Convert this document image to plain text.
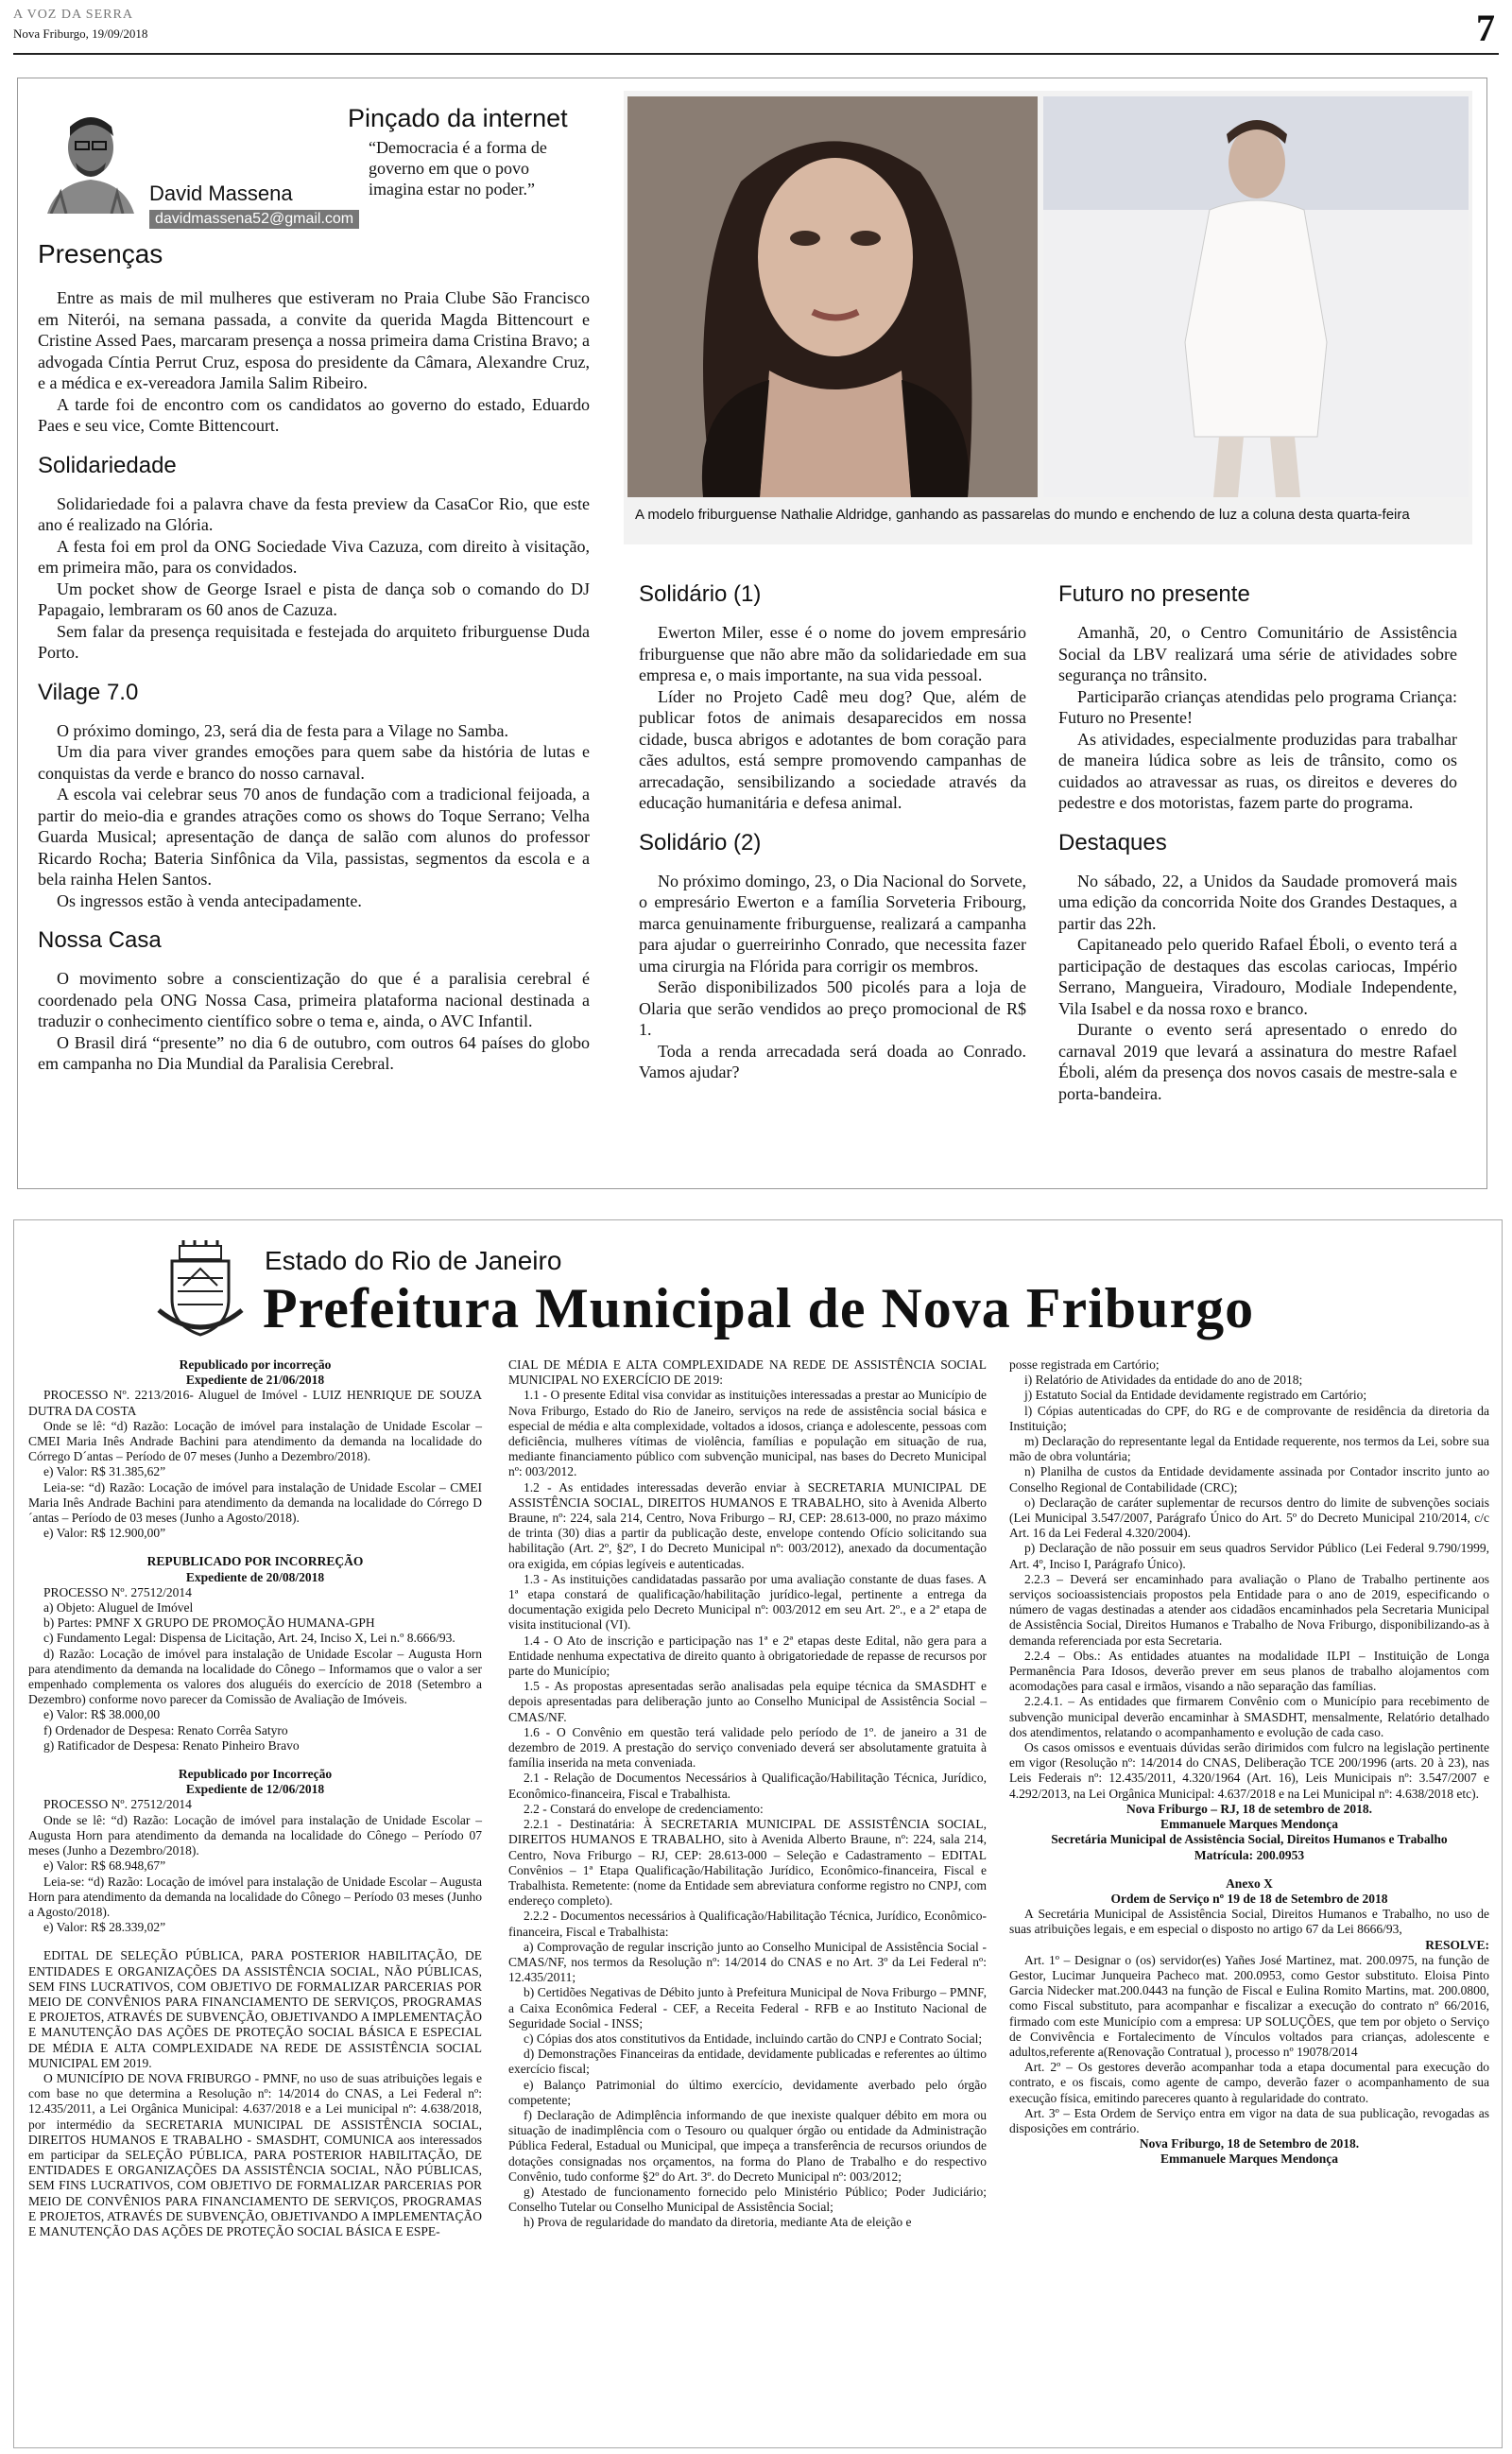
A VOZ DA SERRA
Nova Friburgo, 19/09/2018	7
David Massena
davidmassena52@gmail.com
Pinçado da internet
“Democracia é a forma de governo em que o povo imagina estar no poder.”
Presenças

Entre as mais de mil mulheres que estiveram no Praia Clube São Francisco em Niterói, na semana passada, a convite da querida Magda Bittencourt e Cristine Assed Paes, marcaram presença a nossa primeira dama Cristina Bravo; a advogada Cíntia Perrut Cruz, esposa do presidente da Câmara, Alexandre Cruz, e a médica e ex-vereadora Jamila Salim Ribeiro.

A tarde foi de encontro com os candidatos ao governo do estado, Eduardo Paes e seu vice, Comte Bittencourt.

Solidariedade

Solidariedade foi a palavra chave da festa preview da CasaCor Rio, que este ano é realizado na Glória.

A festa foi em prol da ONG Sociedade Viva Cazuza, com direito à visitação, em primeira mão, para os convidados.

Um pocket show de George Israel e pista de dança sob o comando do DJ Papagaio, lembraram os 60 anos de Cazuza.

Sem falar da presença requisitada e festejada do arquiteto friburguense Duda Porto.

Vilage 7.0

O próximo domingo, 23, será dia de festa para a Vilage no Samba.

Um dia para viver grandes emoções para quem sabe da história de lutas e conquistas da verde e branco do nosso carnaval.

A escola vai celebrar seus 70 anos de fundação com a tradicional feijoada, a partir do meio-dia e grandes atrações como os shows do Toque Serrano; Velha Guarda Musical; apresentação de dança de salão com alunos do professor Ricardo Rocha; Bateria Sinfônica da Vila, passistas, segmentos da escola e a bela rainha Helen Santos.

Os ingressos estão à venda antecipadamente.

Nossa Casa

O movimento sobre a conscientização do que é a paralisia cerebral é coordenado pela ONG Nossa Casa, primeira plataforma nacional destinada a traduzir o conhecimento científico sobre o tema e, ainda, o AVC Infantil.

O Brasil dirá “presente” no dia 6 de outubro, com outros 64 países do globo em campanha no Dia Mundial da Paralisia Cerebral.

A modelo friburguense Nathalie Aldridge, ganhando as passarelas do mundo e enchendo de luz a coluna desta quarta-feira
Solidário (1)

Ewerton Miler, esse é o nome do jovem empresário friburguense que não abre mão da solidariedade em sua empresa e, o mais importante, na sua vida pessoal.

Líder no Projeto Cadê meu dog? Que, além de publicar fotos de animais desaparecidos em nossa cidade, busca abrigos e adotantes de bom coração para cães adultos, está sempre promovendo campanhas de arrecadação, sensibilizando a sociedade através da educação humanitária e defesa animal.

Solidário (2)

No próximo domingo, 23, o Dia Nacional do Sorvete, o empresário Ewerton e a família Sorveteria Fribourg, marca genuinamente friburguense, realizará a campanha para ajudar o guerreirinho Conrado, que necessita fazer uma cirurgia na Flórida para corrigir os membros.

Serão disponibilizados 500 picolés para a loja de Olaria que serão vendidos ao preço promocional de R$ 1.

Toda a renda arrecadada será doada ao Conrado. Vamos ajudar?

Futuro no presente

Amanhã, 20, o Centro Comunitário de Assistência Social da LBV realizará uma série de atividades sobre segurança no trânsito.

Participarão crianças atendidas pelo programa Criança: Futuro no Presente!

As atividades, especialmente produzidas para trabalhar de maneira lúdica sobre as leis de trânsito, como os cuidados ao atravessar as ruas, os direitos e deveres do pedestre e dos motoristas, fazem parte do programa.

Destaques

No sábado, 22, a Unidos da Saudade promoverá mais uma edição da concorrida Noite dos Grandes Destaques, a partir das 22h.

Capitaneado pelo querido Rafael Éboli, o evento terá a participação de destaques das escolas cariocas, Império Serrano, Mangueira, Viradouro, Modiale Independente, Vila Isabel e da nossa roxo e branco.

Durante o evento será apresentado o enredo do carnaval 2019 que levará a assinatura do mestre Rafael Éboli, além da presença dos novos casais de mestre-sala e porta-bandeira.

Estado do Rio de Janeiro
Prefeitura Municipal de Nova Friburgo

Republicado por incorreção

Expediente de 21/06/2018

PROCESSO Nº. 2213/2016- Aluguel de Imóvel - LUIZ HENRIQUE DE SOUZA DUTRA DA COSTA

Onde se lê: “d) Razão: Locação de imóvel para instalação de Unidade Escolar – CMEI Maria Inês Andrade Bachini para atendimento da demanda na localidade do Córrego D´antas – Período de 07 meses (Junho a Dezembro/2018).

e) Valor: R$ 31.385,62”

Leia-se: “d) Razão: Locação de imóvel para instalação de Unidade Escolar – CMEI Maria Inês Andrade Bachini para atendimento da demanda na localidade do Córrego D´antas – Período de 03 meses (Junho a Agosto/2018).

e) Valor: R$ 12.900,00”

REPUBLICADO POR INCORREÇÃO

Expediente de 20/08/2018

PROCESSO Nº. 27512/2014

a) Objeto: Aluguel de Imóvel

b) Partes: PMNF X GRUPO DE PROMOÇÃO HUMANA-GPH

c) Fundamento Legal: Dispensa de Licitação, Art. 24, Inciso X, Lei n.º 8.666/93.

d) Razão: Locação de imóvel para instalação de Unidade Escolar – Augusta Horn para atendimento da demanda na localidade do Cônego – Informamos que o valor a ser empenhado complementa os valores dos aluguéis do exercício de 2018 (Setembro a Dezembro) conforme novo parecer da Comissão de Avaliação de Imóveis.

e) Valor: R$ 38.000,00

f) Ordenador de Despesa: Renato Corrêa Satyro

g) Ratificador de Despesa: Renato Pinheiro Bravo

Republicado por Incorreção

Expediente de 12/06/2018

PROCESSO Nº. 27512/2014

Onde se lê: “d) Razão: Locação de imóvel para instalação de Unidade Escolar – Augusta Horn para atendimento da demanda na localidade do Cônego – Período 07 meses (Junho a Dezembro/2018).

e) Valor: R$ 68.948,67”

Leia-se: “d) Razão: Locação de imóvel para instalação de Unidade Escolar – Augusta Horn para atendimento da demanda na localidade do Cônego – Período 03 meses (Junho a Agosto/2018).

e) Valor: R$ 28.339,02”

EDITAL DE SELEÇÃO PÚBLICA, PARA POSTERIOR HABILITAÇÃO, DE ENTIDADES E ORGANIZAÇÕES DA ASSISTÊNCIA SOCIAL, NÃO PÚBLICAS, SEM FINS LUCRATIVOS, COM OBJETIVO DE FORMALIZAR PARCERIAS POR MEIO DE CONVÊNIOS PARA FINANCIAMENTO DE SERVIÇOS, PROGRAMAS E PROJETOS, ATRAVÉS DE SUBVENÇÃO, OBJETIVANDO A IMPLEMENTAÇÃO E MANUTENÇÃO DAS AÇÕES DE PROTEÇÃO SOCIAL BÁSICA E ESPECIAL DE MÉDIA E ALTA COMPLEXIDADE NA REDE DE ASSISTÊNCIA SOCIAL MUNICIPAL EM 2019.

O MUNICÍPIO DE NOVA FRIBURGO - PMNF, no uso de suas atribuições legais e com base no que determina a Resolução nº: 14/2014 do CNAS, a Lei Federal nº: 12.435/2011, a Lei Orgânica Municipal: 4.637/2018 e a Lei municipal nº: 4.638/2018, por intermédio da SECRETARIA MUNICIPAL DE ASSISTÊNCIA SOCIAL, DIREITOS HUMANOS E TRABALHO - SMASDHT, COMUNICA aos interessados em participar da SELEÇÃO PÚBLICA, PARA POSTERIOR HABILITAÇÃO, DE ENTIDADES E ORGANIZAÇÕES DA ASSISTÊNCIA SOCIAL, NÃO PÚBLICAS, SEM FINS LUCRATIVOS, COM OBJETIVO DE FORMALIZAR PARCERIAS POR MEIO DE CONVÊNIOS PARA FINANCIAMENTO DE SERVIÇOS, PROGRAMAS E PROJETOS, ATRAVÉS DE SUBVENÇÃO, OBJETIVANDO A IMPLEMENTAÇÃO E MANUTENÇÃO DAS AÇÕES DE PROTEÇÃO SOCIAL BÁSICA E ESPE-

CIAL DE MÉDIA E ALTA COMPLEXIDADE NA REDE DE ASSISTÊNCIA SOCIAL MUNICIPAL NO EXERCÍCIO DE 2019:

1.1 - O presente Edital visa convidar as instituições interessadas a prestar ao Município de Nova Friburgo, Estado do Rio de Janeiro, serviços na rede de assistência social básica e especial de média e alta complexidade, voltados a idosos, criança e adolescente, pessoas com deficiência, mulheres vítimas de violência, famílias e população em situação de rua, mediante financiamento público com subvenção municipal, nas bases do Decreto Municipal nº: 003/2012.

1.2 - As entidades interessadas deverão enviar à SECRETARIA MUNICIPAL DE ASSISTÊNCIA SOCIAL, DIREITOS HUMANOS E TRABALHO, sito à Avenida Alberto Braune, nº: 224, sala 214, Centro, Nova Friburgo – RJ, CEP: 28.613-000, no prazo máximo de trinta (30) dias a partir da publicação deste, envelope contendo Ofício solicitando sua habilitação (Art. 2º, §2º, I do Decreto Municipal nº: 003/2012), anexado da documentação ora exigida, em cópias legíveis e autenticadas.

1.3 - As instituições candidatadas passarão por uma avaliação constante de duas fases. A 1ª etapa constará de qualificação/habilitação jurídico-legal, pertinente a entrega da documentação exigida pelo Decreto Municipal nº: 003/2012 em seu Art. 2º., e a 2ª etapa de visita institucional (VI).

1.4 - O Ato de inscrição e participação nas 1ª e 2ª etapas deste Edital, não gera para a Entidade nenhuma expectativa de direito quanto à obrigatoriedade de repasse de recursos por parte do Município;

1.5 - As propostas apresentadas serão analisadas pela equipe técnica da SMASDHT e depois apresentadas para deliberação junto ao Conselho Municipal de Assistência Social – CMAS/NF.

1.6 - O Convênio em questão terá validade pelo período de 1º. de janeiro a 31 de dezembro de 2019. A prestação do serviço conveniado deverá ser absolutamente gratuita à família inserida na meta conveniada.

2.1 - Relação de Documentos Necessários à Qualificação/Habilitação Técnica, Jurídico, Econômico-financeira, Fiscal e Trabalhista.

2.2 - Constará do envelope de credenciamento:

2.2.1 - Destinatária: À SECRETARIA MUNICIPAL DE ASSISTÊNCIA SOCIAL, DIREITOS HUMANOS E TRABALHO, sito à Avenida Alberto Braune, nº: 224, sala 214, Centro, Nova Friburgo – RJ, CEP: 28.613-000 – Seleção e Cadastramento – EDITAL Convênios – 1ª Etapa Qualificação/Habilitação Jurídico, Econômico-financeira, Fiscal e Trabalhista. Remetente: (nome da Entidade sem abreviatura conforme registro no CNPJ, com endereço completo).

2.2.2 - Documentos necessários à Qualificação/Habilitação Técnica, Jurídico, Econômico-financeira, Fiscal e Trabalhista:

a) Comprovação de regular inscrição junto ao Conselho Municipal de Assistência Social - CMAS/NF, nos termos da Resolução nº: 14/2014 do CNAS e no Art. 3º da Lei Federal nº: 12.435/2011;

b) Certidões Negativas de Débito junto à Prefeitura Municipal de Nova Friburgo – PMNF, a Caixa Econômica Federal - CEF, a Receita Federal - RFB e ao Instituto Nacional de Seguridade Social - INSS;

c) Cópias dos atos constitutivos da Entidade, incluindo cartão do CNPJ e Contrato Social;

d) Demonstrações Financeiras da entidade, devidamente publicadas e referentes ao último exercício fiscal;

e) Balanço Patrimonial do último exercício, devidamente averbado pelo órgão competente;

f) Declaração de Adimplência informando de que inexiste qualquer débito em mora ou situação de inadimplência com o Tesouro ou qualquer órgão ou entidade da Administração Pública Federal, Estadual ou Municipal, que impeça a transferência de recursos oriundos de dotações consignadas nos orçamentos, na forma do Plano de Trabalho e do respectivo Convênio, tudo conforme §2º do Art. 3º. do Decreto Municipal nº: 003/2012;

g) Atestado de funcionamento fornecido pelo Ministério Público; Poder Judiciário; Conselho Tutelar ou Conselho Municipal de Assistência Social;

h) Prova de regularidade do mandato da diretoria, mediante Ata de eleição e

posse registrada em Cartório;

i) Relatório de Atividades da entidade do ano de 2018;

j) Estatuto Social da Entidade devidamente registrado em Cartório;

l) Cópias autenticadas do CPF, do RG e de comprovante de residência da diretoria da Instituição;

m) Declaração do representante legal da Entidade requerente, nos termos da Lei, sobre sua mão de obra voluntária;

n) Planilha de custos da Entidade devidamente assinada por Contador inscrito junto ao Conselho Regional de Contabilidade (CRC);

o) Declaração de caráter suplementar de recursos dentro do limite de subvenções sociais (Lei Municipal 3.547/2007, Parágrafo Único do Art. 5º do Decreto Municipal 210/2014, c/c Art. 16 da Lei Federal 4.320/2004).

p) Declaração de não possuir em seus quadros Servidor Público (Lei Federal 9.790/1999, Art. 4º, Inciso I, Parágrafo Único).

2.2.3 – Deverá ser encaminhado para avaliação o Plano de Trabalho pertinente aos serviços socioassistenciais propostos pela Entidade para o ano de 2019, especificando o número de vagas destinadas a atender aos cidadãos encaminhados pela Secretaria Municipal de Assistência Social, Direitos Humanos e Trabalho de Nova Friburgo, disponibilizando-as à demanda referenciada por esta Secretaria.

2.2.4 – Obs.: As entidades atuantes na modalidade ILPI – Instituição de Longa Permanência Para Idosos, deverão prever em seus planos de trabalho alojamentos com acomodações para casal e irmãos, visando a não separação das famílias.

2.2.4.1. – As entidades que firmarem Convênio com o Município para recebimento de subvenção municipal deverão encaminhar à SMASDHT, mensalmente, Relatório detalhado dos atendimentos, relatando o acompanhamento e evolução de cada caso.

Os casos omissos e eventuais dúvidas serão dirimidos com fulcro na legislação pertinente em vigor (Resolução nº: 14/2014 do CNAS, Deliberação TCE 200/1996 (arts. 20 à 23), nas Leis Federais nº: 12.435/2011, 4.320/1964 (Art. 16), Leis Municipais nº: 3.547/2007 e 4.292/2013, na Lei Orgânica Municipal: 4.637/2018 e na Lei Municipal nº: 4.638/2018 etc).

Nova Friburgo – RJ, 18 de setembro de 2018.

Emmanuele Marques Mendonça

Secretária Municipal de Assistência Social, Direitos Humanos e Trabalho

Matrícula: 200.0953

Anexo X

Ordem de Serviço nº 19 de 18 de Setembro de 2018

A Secretária Municipal de Assistência Social, Direitos Humanos e Trabalho, no uso de suas atribuições legais, e em especial o disposto no artigo 67 da Lei 8666/93,

RESOLVE:

Art. 1º – Designar o (os) servidor(es) Yañes José Martinez, mat. 200.0975, na função de Gestor, Lucimar Junqueira Pacheco mat. 200.0953, como Gestor substituto. Eloisa Pinto Garcia Nidecker mat.200.0443 na função de Fiscal e Eulina Romito Martins, mat. 200.0800, como Fiscal substituto, para acompanhar e fiscalizar a execução do contrato nº 66/2016, firmado com este Município com a empresa: UP SOLUÇÕES, que tem por objeto o Serviço de Convivência e Fortalecimento de Vínculos voltados para crianças, adolescente e adultos,referente a(Renovação Contratual ), processo nº 19078/2014

Art. 2º – Os gestores deverão acompanhar toda a etapa documental para execução do contrato, e os fiscais, como agente de campo, deverão fazer o acompanhamento de sua execução física, emitindo pareceres quanto à regularidade do contrato.

Art. 3º – Esta Ordem de Serviço entra em vigor na data de sua publicação, revogadas as disposições em contrário.

Nova Friburgo, 18 de Setembro de 2018.

Emmanuele Marques Mendonça
